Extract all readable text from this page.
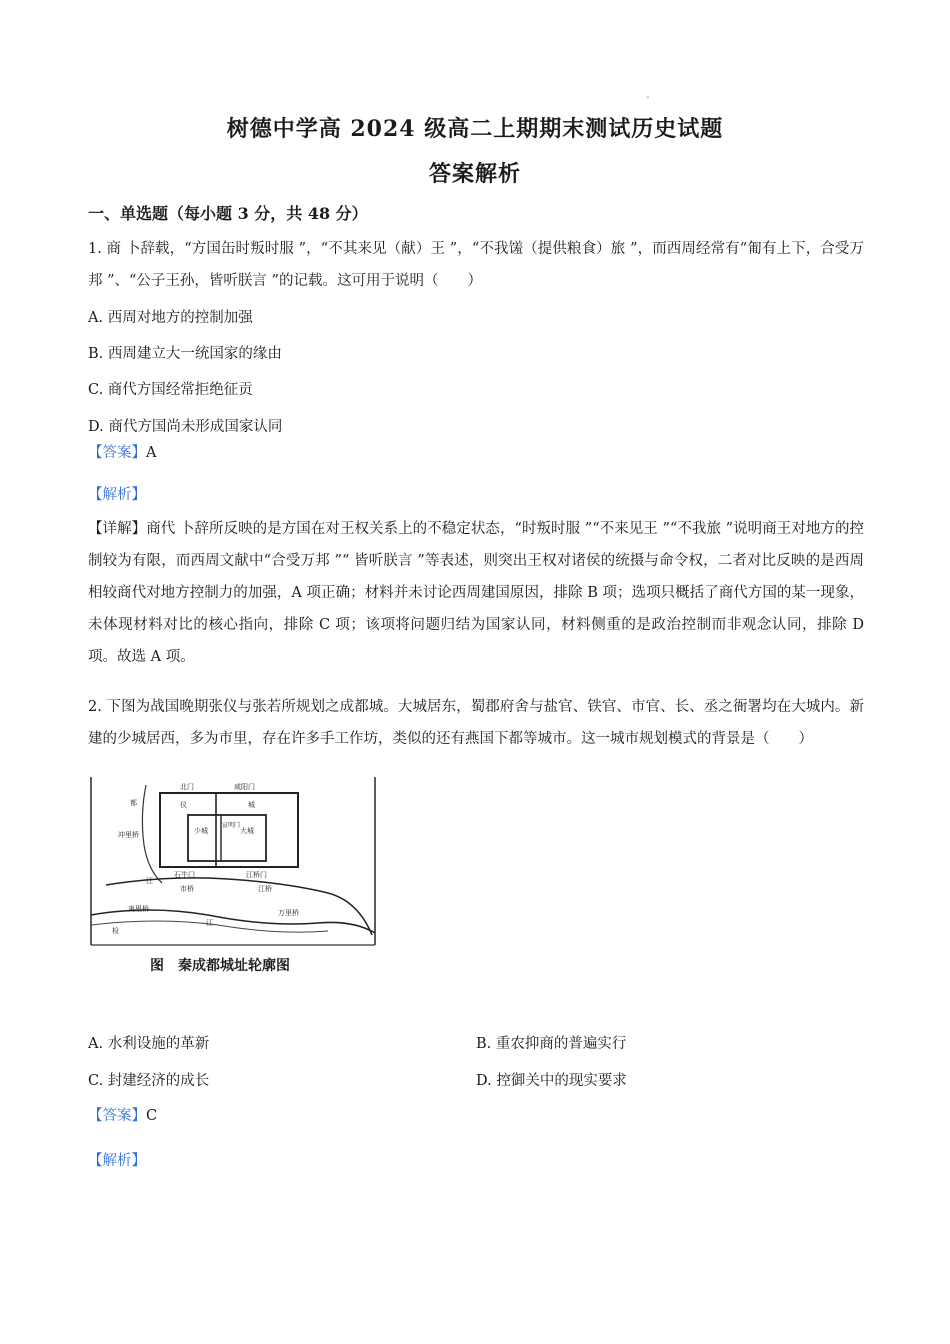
-
树德中学高 2024 级高二上期期末测试历史试题
答案解析
一、单选题（每小题 3 分，共 48 分）
1. 商 卜辞载，“方国缶时叛时服 ”，“不其来见（献）王 ”，“不我馐（提供粮食）旅 ”，而西周经常有“匍有上下，合受万邦 ”、“公子王孙，皆听朕言 ”的记载。这可用于说明（　　）
A. 西周对地方的控制加强
B. 西周建立大一统国家的缘由
C. 商代方国经常拒绝征贡
D. 商代方国尚未形成国家认同
【答案】A
【解析】
【详解】商代 卜辞所反映的是方国在对王权关系上的不稳定状态，“时叛时服 ”“不来见王 ”“不我旅 ”说明商王对地方的控制较为有限，而西周文献中“合受万邦 ”“ 皆听朕言 ”等表述，则突出王权对诸侯的统摄与命令权，二者对比反映的是西周相较商代对地方控制力的加强，A 项正确；材料并未讨论西周建国原因，排除 B 项；选项只概括了商代方国的某一现象，未体现材料对比的核心指向，排除 C 项；该项将问题归结为国家认同，材料侧重的是政治控制而非观念认同，排除 D 项。故选 A 项。
2. 下图为战国晚期张仪与张若所规划之成都城。大城居东，蜀郡府舍与盐官、铁官、市官、长、丞之衙署均在大城内。新建的少城居西，多为市里，存在许多手工作坊，类似的还有燕国下都等城市。这一城市规划模式的背景是（　　）
北门	咸阳门
仪	城
少城
宣明门
大城
都
冲里桥
江
石牛门
市桥
江桥门
江桥
夷里桥	万里桥
江
检
图　秦成都城址轮廓图
A. 水利设施的革新	B. 重农抑商的普遍实行
C. 封建经济的成长	D. 控御关中的现实要求
【答案】C
【解析】
